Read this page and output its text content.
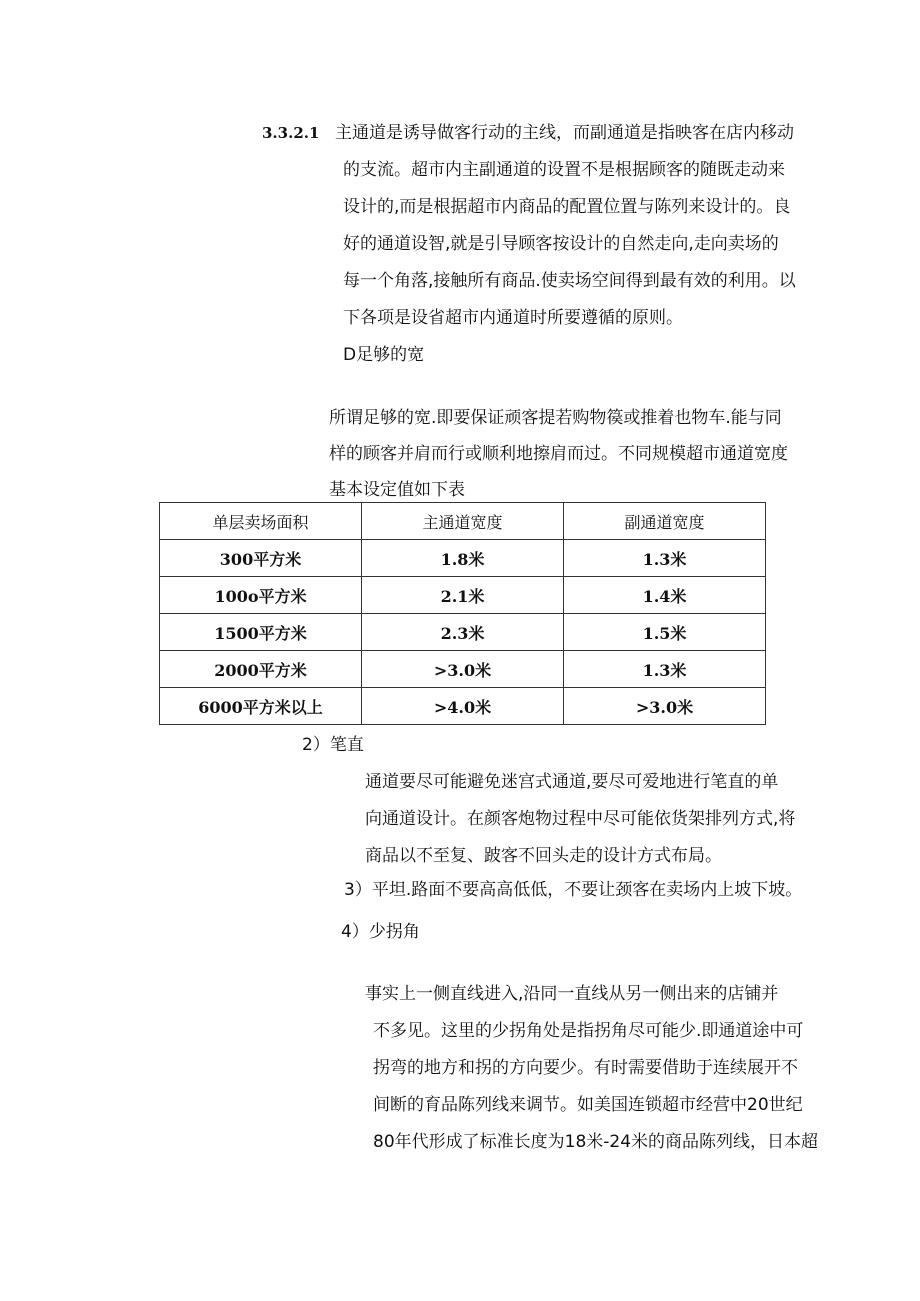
3.3.2.1 主通道是诱导做客行动的主线，而副通道是指映客在店内移动
的支流。超市内主副通道的设置不是根据顾客的随既走动来
设计的,而是根据超市内商品的配置位置与陈列来设计的。良
好的通道设智,就是引导顾客按设计的自然走向,走向卖场的
每一个角落,接触所有商品.使卖场空间得到最有效的利用。以
下各项是设省超市内通道时所要遵循的原则。
D足够的宽
所谓足够的宽.即要保证顽客提若购物篌或推着也物车.能与同
样的顾客并肩而行或顺利地擦肩而过。不同规模超市通道宽度
基本设定值如下表
单层卖场面积	主通道宽度	副通道宽度
300平方米	1.8米	1.3米
100o平方米	2.1米	1.4米
1500平方米	2.3米	1.5米
2000平方米	>3.0米	1.3米
6000平方米以上	>4.0米	>3.0米
2）笔直
通道要尽可能避免迷宫式通道,要尽可爱地进行笔直的单
向通道设计。在颜客炮物过程中尽可能依货架排列方式,将
商品以不至复、跛客不回头走的设计方式布局。
3）平坦.路面不要高高低低，不要让颈客在卖场内上坡下坡。
4）少拐角
事实上一侧直线进入,沿同一直线从另一侧出来的店铺并
不多见。这里的少拐角处是指拐角尽可能少.即通道途中可
拐弯的地方和拐的方向要少。有时需要借助于连续展开不
间断的育品陈列线来调节。如美国连锁超市经营中20世纪
80年代形成了标准长度为18米-24米的商品陈列线，日本超
